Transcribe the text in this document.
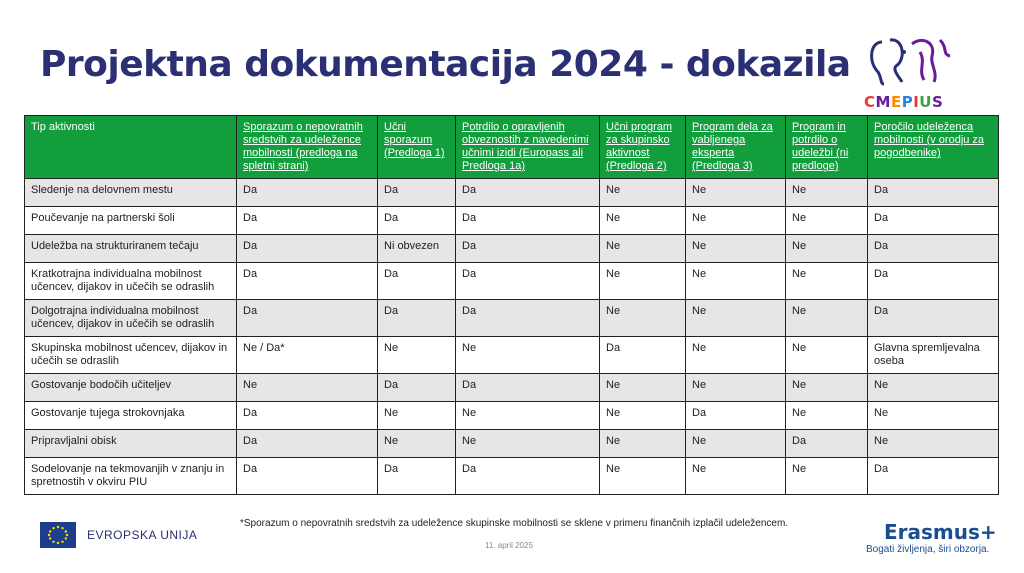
Projektna dokumentacija 2024 - dokazila
CMEPIUS
Tip aktivnosti	Sporazum o nepovratnih sredstvih za udeležence mobilnosti (predloga na spletni strani)	Učni sporazum (Predloga 1)	Potrdilo o opravljenih obveznostih z navedenimi učnimi izidi (Europass ali Predloga 1a)	Učni program za skupinsko aktivnost (Predloga 2)	Program dela za vabljenega eksperta (Predloga 3)	Program in potrdilo o udeležbi (ni predloge)	Poročilo udeleženca mobilnosti (v orodju za pogodbenike)
Sledenje na delovnem mestu	Da	Da	Da	Ne	Ne	Ne	Da
Poučevanje na partnerski šoli	Da	Da	Da	Ne	Ne	Ne	Da
Udeležba na strukturiranem tečaju	Da	Ni obvezen	Da	Ne	Ne	Ne	Da
Kratkotrajna individualna mobilnost učencev, dijakov in učečih se odraslih	Da	Da	Da	Ne	Ne	Ne	Da
Dolgotrajna individualna mobilnost učencev, dijakov in učečih se odraslih	Da	Da	Da	Ne	Ne	Ne	Da
Skupinska mobilnost učencev, dijakov in učečih se odraslih	Ne / Da*	Ne	Ne	Da	Ne	Ne	Glavna spremljevalna oseba
Gostovanje bodočih učiteljev	Ne	Da	Da	Ne	Ne	Ne	Ne
Gostovanje tujega strokovnjaka	Da	Ne	Ne	Ne	Da	Ne	Ne
Pripravljalni obisk	Da	Ne	Ne	Ne	Ne	Da	Ne
Sodelovanje na tekmovanjih v znanju in spretnostih v okviru PIU	Da	Da	Da	Ne	Ne	Ne	Da
EVROPSKA UNIJA
*Sporazum o nepovratnih sredstvih za udeležence skupinske mobilnosti se sklene v primeru finančnih izplačil udeležencem.
11. april 2025
Erasmus+
Bogati življenja, širi obzorja.
